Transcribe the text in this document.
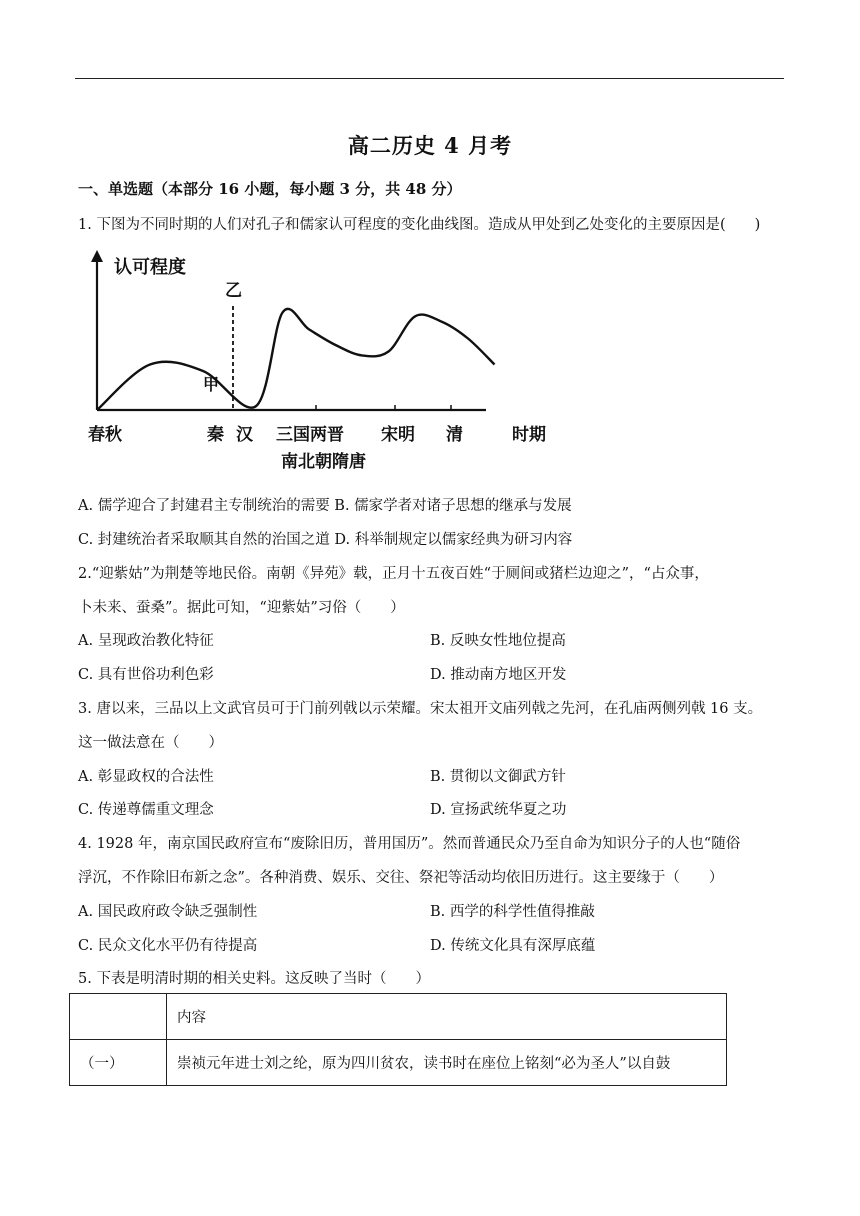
高二历史 4 月考
一、单选题（本部分 16 小题，每小题 3 分，共 48 分）
1. 下图为不同时期的人们对孔子和儒家认可程度的变化曲线图。造成从甲处到乙处变化的主要原因是(　　)
认可程度
乙
甲
春秋	秦 汉 三国两晋 宋明 清	时期
南北朝隋唐
A. 儒学迎合了封建君主专制统治的需要 B. 儒家学者对诸子思想的继承与发展
C. 封建统治者采取顺其自然的治国之道 D. 科举制规定以儒家经典为研习内容
2.“迎紫姑”为荆楚等地民俗。南朝《异苑》载，正月十五夜百姓“于厕间或猪栏边迎之”，“占众事，
卜未来、蚕桑”。据此可知，“迎紫姑”习俗（　　）
A. 呈现政治教化特征	B. 反映女性地位提高
C. 具有世俗功利色彩	D. 推动南方地区开发
3. 唐以来，三品以上文武官员可于门前列戟以示荣耀。宋太祖开文庙列戟之先河，在孔庙两侧列戟 16 支。
这一做法意在（　　）
A. 彰显政权的合法性	B. 贯彻以文御武方针
C. 传递尊儒重文理念	D. 宣扬武统华夏之功
4. 1928 年，南京国民政府宣布“废除旧历，普用国历”。然而普通民众乃至自命为知识分子的人也“随俗
浮沉，不作除旧布新之念”。各种消费、娱乐、交往、祭祀等活动均依旧历进行。这主要缘于（　　）
A. 国民政府政令缺乏强制性	B. 西学的科学性值得推敲
C. 民众文化水平仍有待提高	D. 传统文化具有深厚底蕴
5. 下表是明清时期的相关史料。这反映了当时（　　）
	内容
（一）	崇祯元年进士刘之纶，原为四川贫农，读书时在座位上铭刻“必为圣人”以自鼓
